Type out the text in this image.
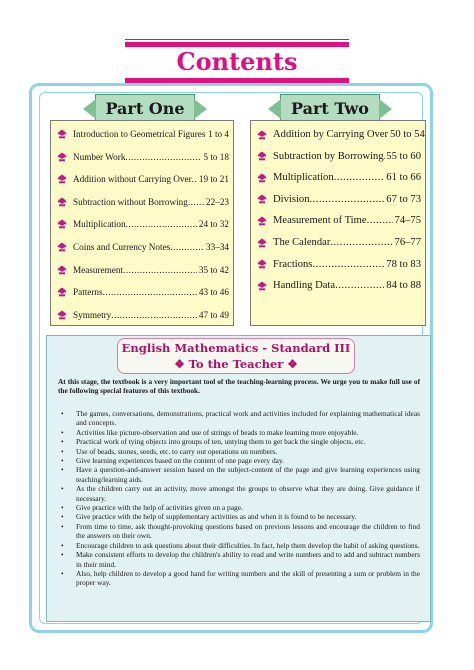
Contents
Part One	Part Two
Introduction to Geometrical Figures ..... 1 to 4
Number Work .....	5 to 18
Addition without Carrying Over ..... 19 to 21
Subtraction without Borrowing ..... 22–23
Multiplication .....	24 to 32
Coins and Currency Notes .....	33–34
Measurement .....	35 to 42
Patterns .....	43 to 46
Symmetry .....	47 to 49
Addition by Carrying Over 50 to 54
Subtraction by Borrowing ..... 55 to 60
Multiplication .....	61 to 66
Division .....	67 to 73
Measurement of Time .....	74–75
The Calendar .....	76–77
Fractions .....	78 to 83
Handling Data .....	84 to 88
English Mathematics - Standard III
❖ To the Teacher ❖

At this stage, the textbook is a very important tool of the teaching-learning process. We urge you to make full use of the following special features of this textbook.

•	The games, conversations, demonstrations, practical work and activities included for explaining mathematical ideas and concepts.
•	Activities like picture-observation and use of strings of beads to make learning more enjoyable.
•	Practical work of tying objects into groups of ten, untying them to get back the single objects, etc.
•	Use of beads, stones, seeds, etc. to carry out operations on numbers.
•	Give learning experiences based on the content of one page every day.
•	Have a question-and-answer session based on the subject-content of the page and give learning experiences using teaching/learning aids.
•	As the children carry out an activity, move amongst the groups to observe what they are doing. Give guidance if necessary.
•	Give practice with the help of activities given on a page.
•	Give practice with the help of supplementary activities as and when it is found to be necessary.
•	From time to time, ask thought-provoking questions based on previous lessons and encourage the children to find the answers on their own.
•	Encourage children to ask questions about their difficulties. In fact, help them develop the habit of asking questions.
•	Make consistent efforts to develop the children's ability to read and write numbers and to add and subtract numbers in their mind.
•	Also, help children to develop a good hand for writing numbers and the skill of presenting a sum or problem in the proper way.
